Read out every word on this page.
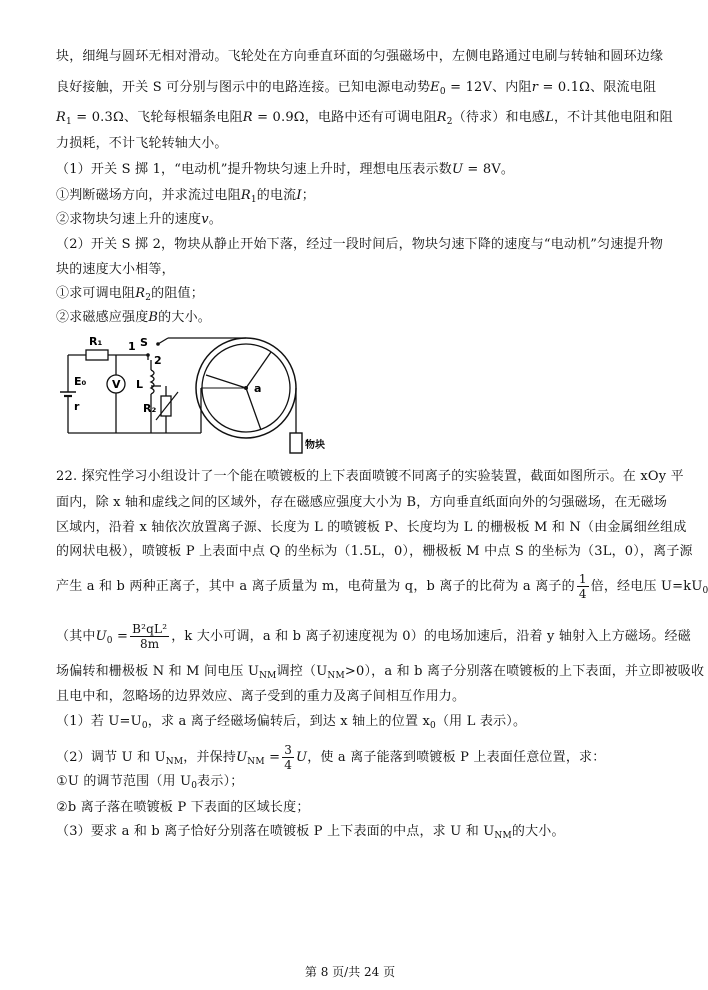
块，细绳与圆环无相对滑动。飞轮处在方向垂直环面的匀强磁场中，左侧电路通过电刷与转轴和圆环边缘
良好接触，开关 S 可分别与图示中的电路连接。已知电源电动势$E_0 = 12V$、内阻r = 0.1Ω、限流电阻
$R_1 = 0.3\Omega$、飞轮每根辐条电阻R = 0.9Ω，电路中还有可调电阻$R_2$（待求）和电感L，不计其他电阻和阻
力损耗，不计飞轮转轴大小。
（1）开关 S 掷 1，“电动机”提升物块匀速上升时，理想电压表示数U = 8V。
①判断磁场方向，并求流过电阻$R_1$的电流I；
②求物块匀速上升的速度v。
（2）开关 S 掷 2，物块从静止开始下落，经过一段时间后，物块匀速下降的速度与“电动机”匀速提升物
块的速度大小相等，
①求可调电阻$R_2$的阻值；
②求磁感应强度B的大小。
E₀
r
R₁ 1
V
S
2
L
R₂
a
物块
22. 探究性学习小组设计了一个能在喷镀板的上下表面喷镀不同离子的实验装置，截面如图所示。在 xOy 平
面内，除 x 轴和虚线之间的区域外，存在磁感应强度大小为 B，方向垂直纸面向外的匀强磁场，在无磁场
区域内，沿着 x 轴依次放置离子源、长度为 L 的喷镀板 P、长度均为 L 的栅极板 M 和 N（由金属细丝组成
的网状电极），喷镀板 P 上表面中点 Q 的坐标为（1.5L，0），栅极板 M 中点 S 的坐标为（3L，0），离子源
产生 a 和 b 两种正离子，其中 a 离子质量为 m，电荷量为 q，b 离子的比荷为 a 离子的 $\frac{1}{4}$ 倍，经电压 $U=kU_0$
（其中$U_0 = \frac{\text{B²qL²}}{8m}$ ，k 大小可调，a 和 b 离子初速度视为 0）的电场加速后，沿着 y 轴射入上方磁场。经磁
场偏转和栅极板 N 和 M 间电压 $U_{NM}$调控$(U_{NM}>0)$，a 和 b 离子分别落在喷镀板的上下表面，并立即被吸收
且电中和，忽略场的边界效应、离子受到的重力及离子间相互作用力。
（1）若 $U=U_0$，求 a 离子经磁场偏转后，到达 x 轴上的位置 $x_0$（用 L 表示）。
（2）调节 U 和 $U_{NM}$，并保持$U_{NM} = \frac{3}{4}$ U，使 a 离子能落到喷镀板 P 上表面任意位置，求：
①U 的调节范围（用 $U_0$表示）；
②b 离子落在喷镀板 P 下表面的区域长度；
（3）要求 a 和 b 离子恰好分别落在喷镀板 P 上下表面的中点，求 U 和 $U_{NM}$的大小。
第 8 页/共 24 页
